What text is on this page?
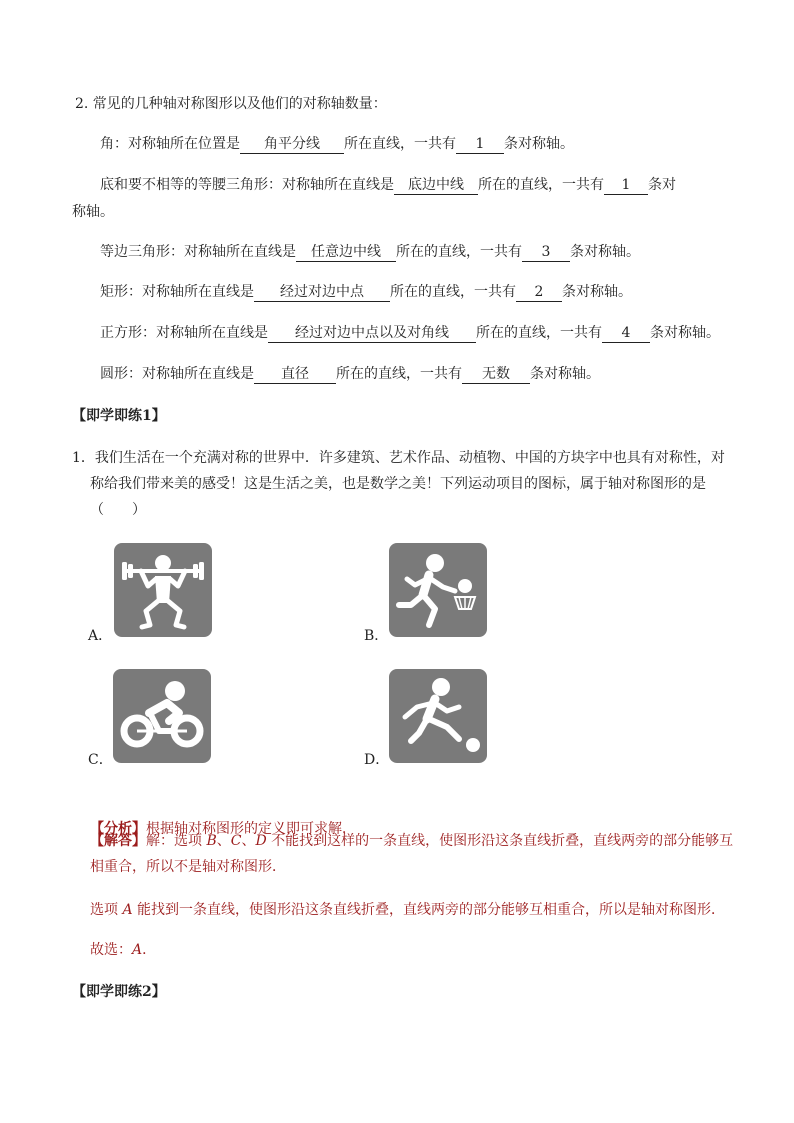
2. 常见的几种轴对称图形以及他们的对称轴数量：
角：对称轴所在位置是 角平分线 所在直线，一共有 1 条对称轴。
底和要不相等的等腰三角形：对称轴所在直线是 底边中线 所在的直线，一共有 1 条对
称轴。
等边三角形：对称轴所在直线是 任意边中线 所在的直线，一共有 3 条对称轴。
矩形：对称轴所在直线是 经过对边中点 所在的直线，一共有 2 条对称轴。
正方形：对称轴所在直线是 经过对边中点以及对角线 所在的直线，一共有 4 条对称轴。
圆形：对称轴所在直线是 直径 所在的直线，一共有 无数 条对称轴。
【即学即练1】
1．我们生活在一个充满对称的世界中．许多建筑、艺术作品、动植物、中国的方块字中也具有对称性，对
称给我们带来美的感受！这是生活之美，也是数学之美！下列运动项目的图标，属于轴对称图形的是
（　　）
A．	B．
C．	D．
【分析】根据轴对称图形的定义即可求解．
【解答】解：选项 B、C、D 不能找到这样的一条直线，使图形沿这条直线折叠，直线两旁的部分能够互
相重合，所以不是轴对称图形．
选项 A 能找到一条直线，使图形沿这条直线折叠，直线两旁的部分能够互相重合，所以是轴对称图形．
故选：A．
【即学即练2】
